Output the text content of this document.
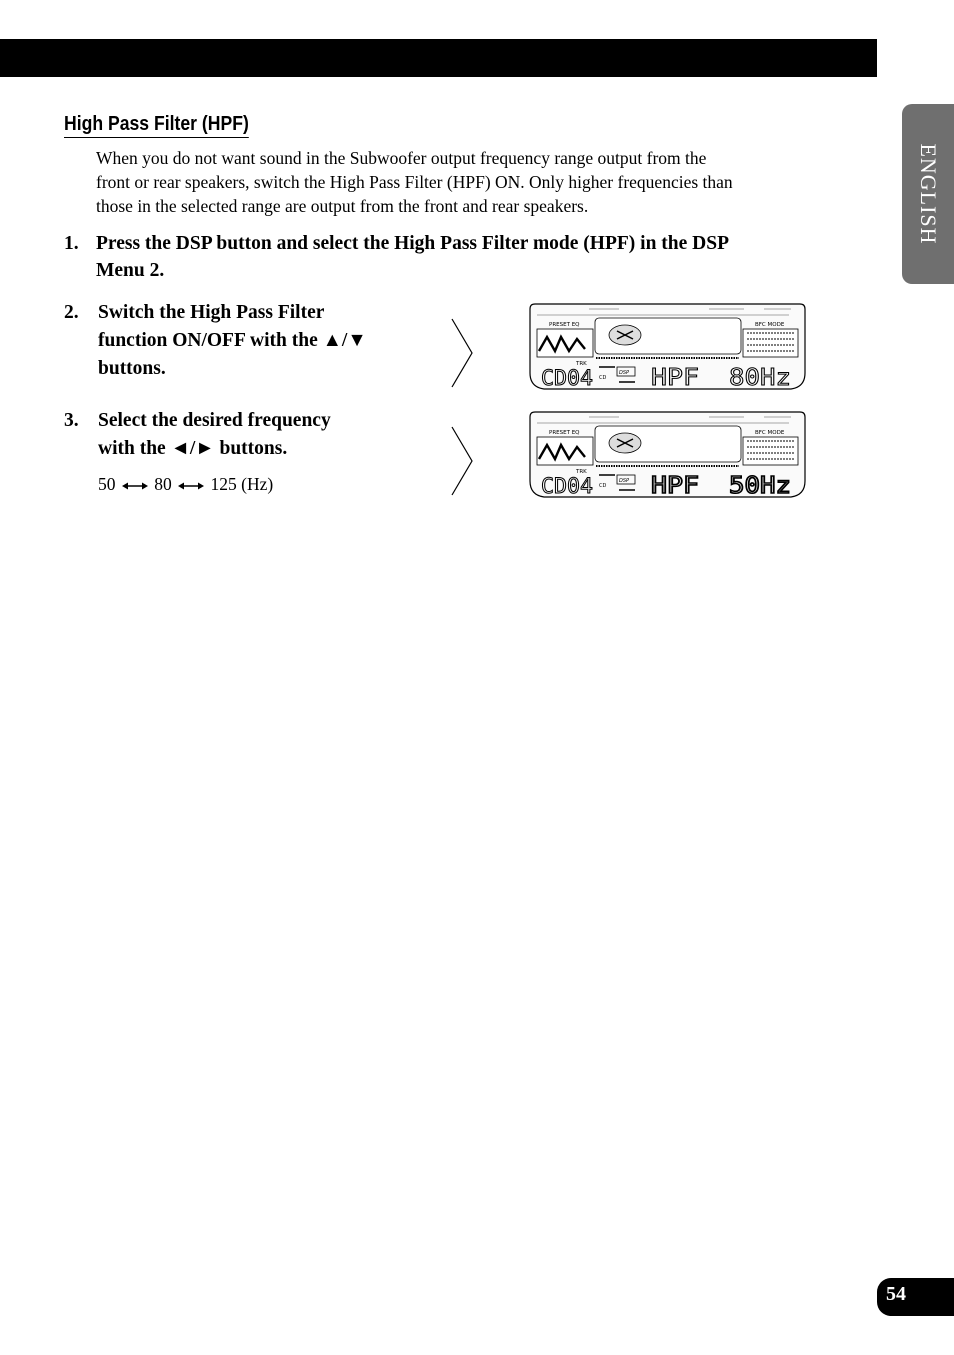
ENGLISH
High Pass Filter (HPF)
When you do not want sound in the Subwoofer output frequency range output from the
front or rear speakers, switch the High Pass Filter (HPF) ON. Only higher frequencies than
those in the selected range are output from the front and rear speakers.
1. Press the DSP button and select the High Pass Filter mode (HPF) in the DSP
Menu 2.
2. Switch the High Pass Filter
function ON/OFF with the ▲/▼
buttons.
3. Select the desired frequency
with the ◄/► buttons.
50 80 125 (Hz)
PRESET EQ	BFC MODE
TRK
CD
DSP
CD04	HPF 80Hz
PRESET EQ	BFC MODE
TRK
CD
DSP
CD04	HPF 50Hz
54
